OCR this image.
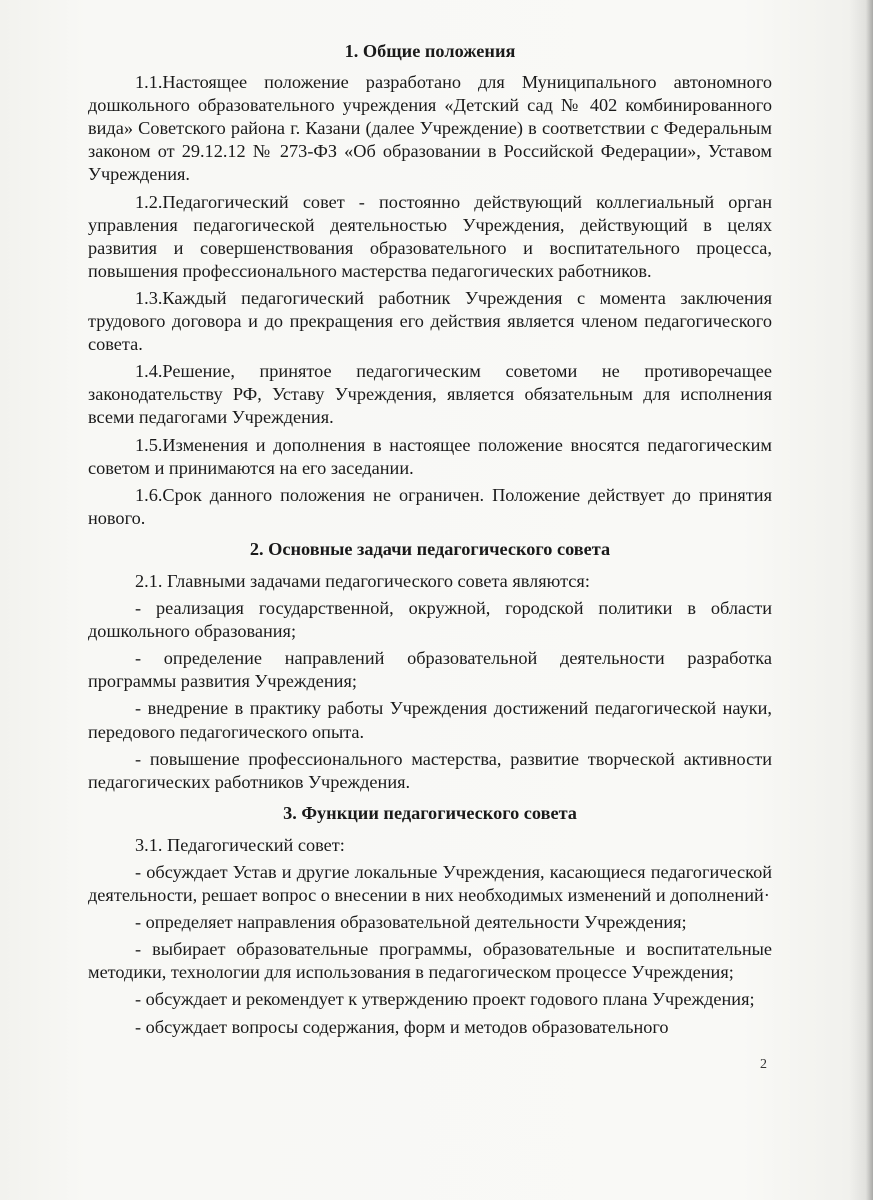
1. Общие положения

1.1.Настоящее положение разработано для Муниципального автономного дошкольного образовательного учреждения «Детский сад № 402 комбинированного вида» Советского района г. Казани (далее Учреждение) в соответствии с Федеральным законом от 29.12.12 № 273-ФЗ «Об образовании в Российской Федерации», Уставом Учреждения.

1.2.Педагогический совет - постоянно действующий коллегиальный орган управления педагогической деятельностью Учреждения, действующий в целях развития и совершенствования образовательного и воспитательного процесса, повышения профессионального мастерства педагогических работников.

1.3.Каждый педагогический работник Учреждения с момента заключения трудового договора и до прекращения его действия является членом педагогического совета.

1.4.Решение, принятое педагогическим советоми не противоречащее законодательству РФ, Уставу Учреждения, является обязательным для исполнения всеми педагогами Учреждения.

1.5.Изменения и дополнения в настоящее положение вносятся педагогическим советом и принимаются на его заседании.

1.6.Срок данного положения не ограничен. Положение действует до принятия нового.

2. Основные задачи педагогического совета

2.1. Главными задачами педагогического совета являются:

- реализация государственной, окружной, городской политики в области дошкольного образования;

- определение направлений образовательной деятельности разработка программы развития Учреждения;

- внедрение в практику работы Учреждения достижений педагогической науки, передового педагогического опыта.

- повышение профессионального мастерства, развитие творческой активности педагогических работников Учреждения.

3. Функции педагогического совета

3.1. Педагогический совет:

- обсуждает Устав и другие локальные Учреждения, касающиеся педагогической деятельности, решает вопрос о внесении в них необходимых изменений и дополнений·

- определяет направления образовательной деятельности Учреждения;

- выбирает образовательные программы, образовательные и воспитательные методики, технологии для использования в педагогическом процессе Учреждения;

- обсуждает и рекомендует к утверждению проект годового плана Учреждения;

- обсуждает вопросы содержания, форм и методов образовательного

2
